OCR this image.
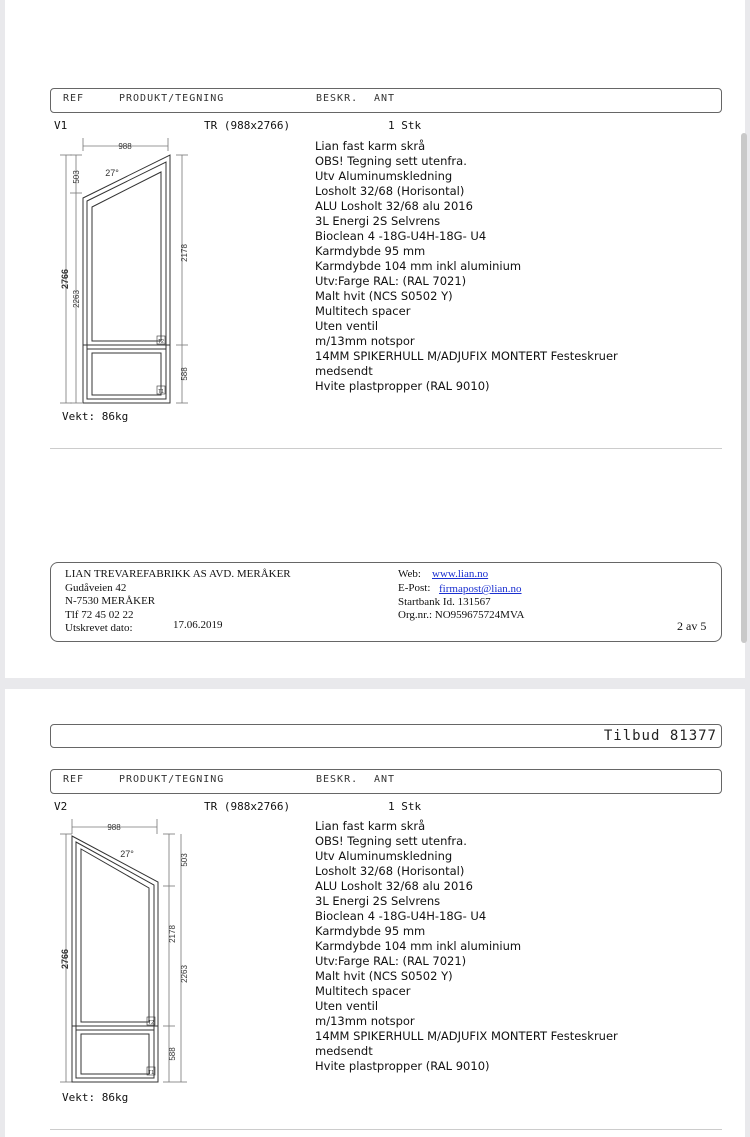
REF	PRODUKT/TEGNING	BESKR. ANT
V1	TR (988x2766)	1 Stk
988
27°
503
2263
2766
2178
588
T2
T1
Lian fast karm skrå
OBS! Tegning sett utenfra.
Utv Aluminumskledning
Losholt 32/68 (Horisontal)
ALU Losholt 32/68 alu 2016
3L Energi 2S Selvrens
Bioclean 4 -18G-U4H-18G- U4
Karmdybde 95 mm
Karmdybde 104 mm inkl aluminium
Utv:Farge RAL: (RAL 7021)
Malt hvit (NCS S0502 Y)
Multitech spacer
Uten ventil
m/13mm notspor
14MM SPIKERHULL M/ADJUFIX MONTERT Festeskruer
medsendt
Hvite plastpropper (RAL 9010)
Vekt: 86kg
LIAN TREVAREFABRIKK AS AVD. MERÅKER
Gudåveien 42
N-7530 MERÅKER
Tlf 72 45 02 22
Utskrevet dato:	17.06.2019
Web: www.lian.no
E-Post: firmapost@lian.no
Startbank Id. 131567
Org.nr.: NO959675724MVA
2 av 5
Tilbud 81377
REF	PRODUKT/TEGNING	BESKR. ANT
V2	TR (988x2766)	1 Stk
988
27°
2766
503
2178
2263
588
T2
T1
Lian fast karm skrå
OBS! Tegning sett utenfra.
Utv Aluminumskledning
Losholt 32/68 (Horisontal)
ALU Losholt 32/68 alu 2016
3L Energi 2S Selvrens
Bioclean 4 -18G-U4H-18G- U4
Karmdybde 95 mm
Karmdybde 104 mm inkl aluminium
Utv:Farge RAL: (RAL 7021)
Malt hvit (NCS S0502 Y)
Multitech spacer
Uten ventil
m/13mm notspor
14MM SPIKERHULL M/ADJUFIX MONTERT Festeskruer
medsendt
Hvite plastpropper (RAL 9010)
Vekt: 86kg
